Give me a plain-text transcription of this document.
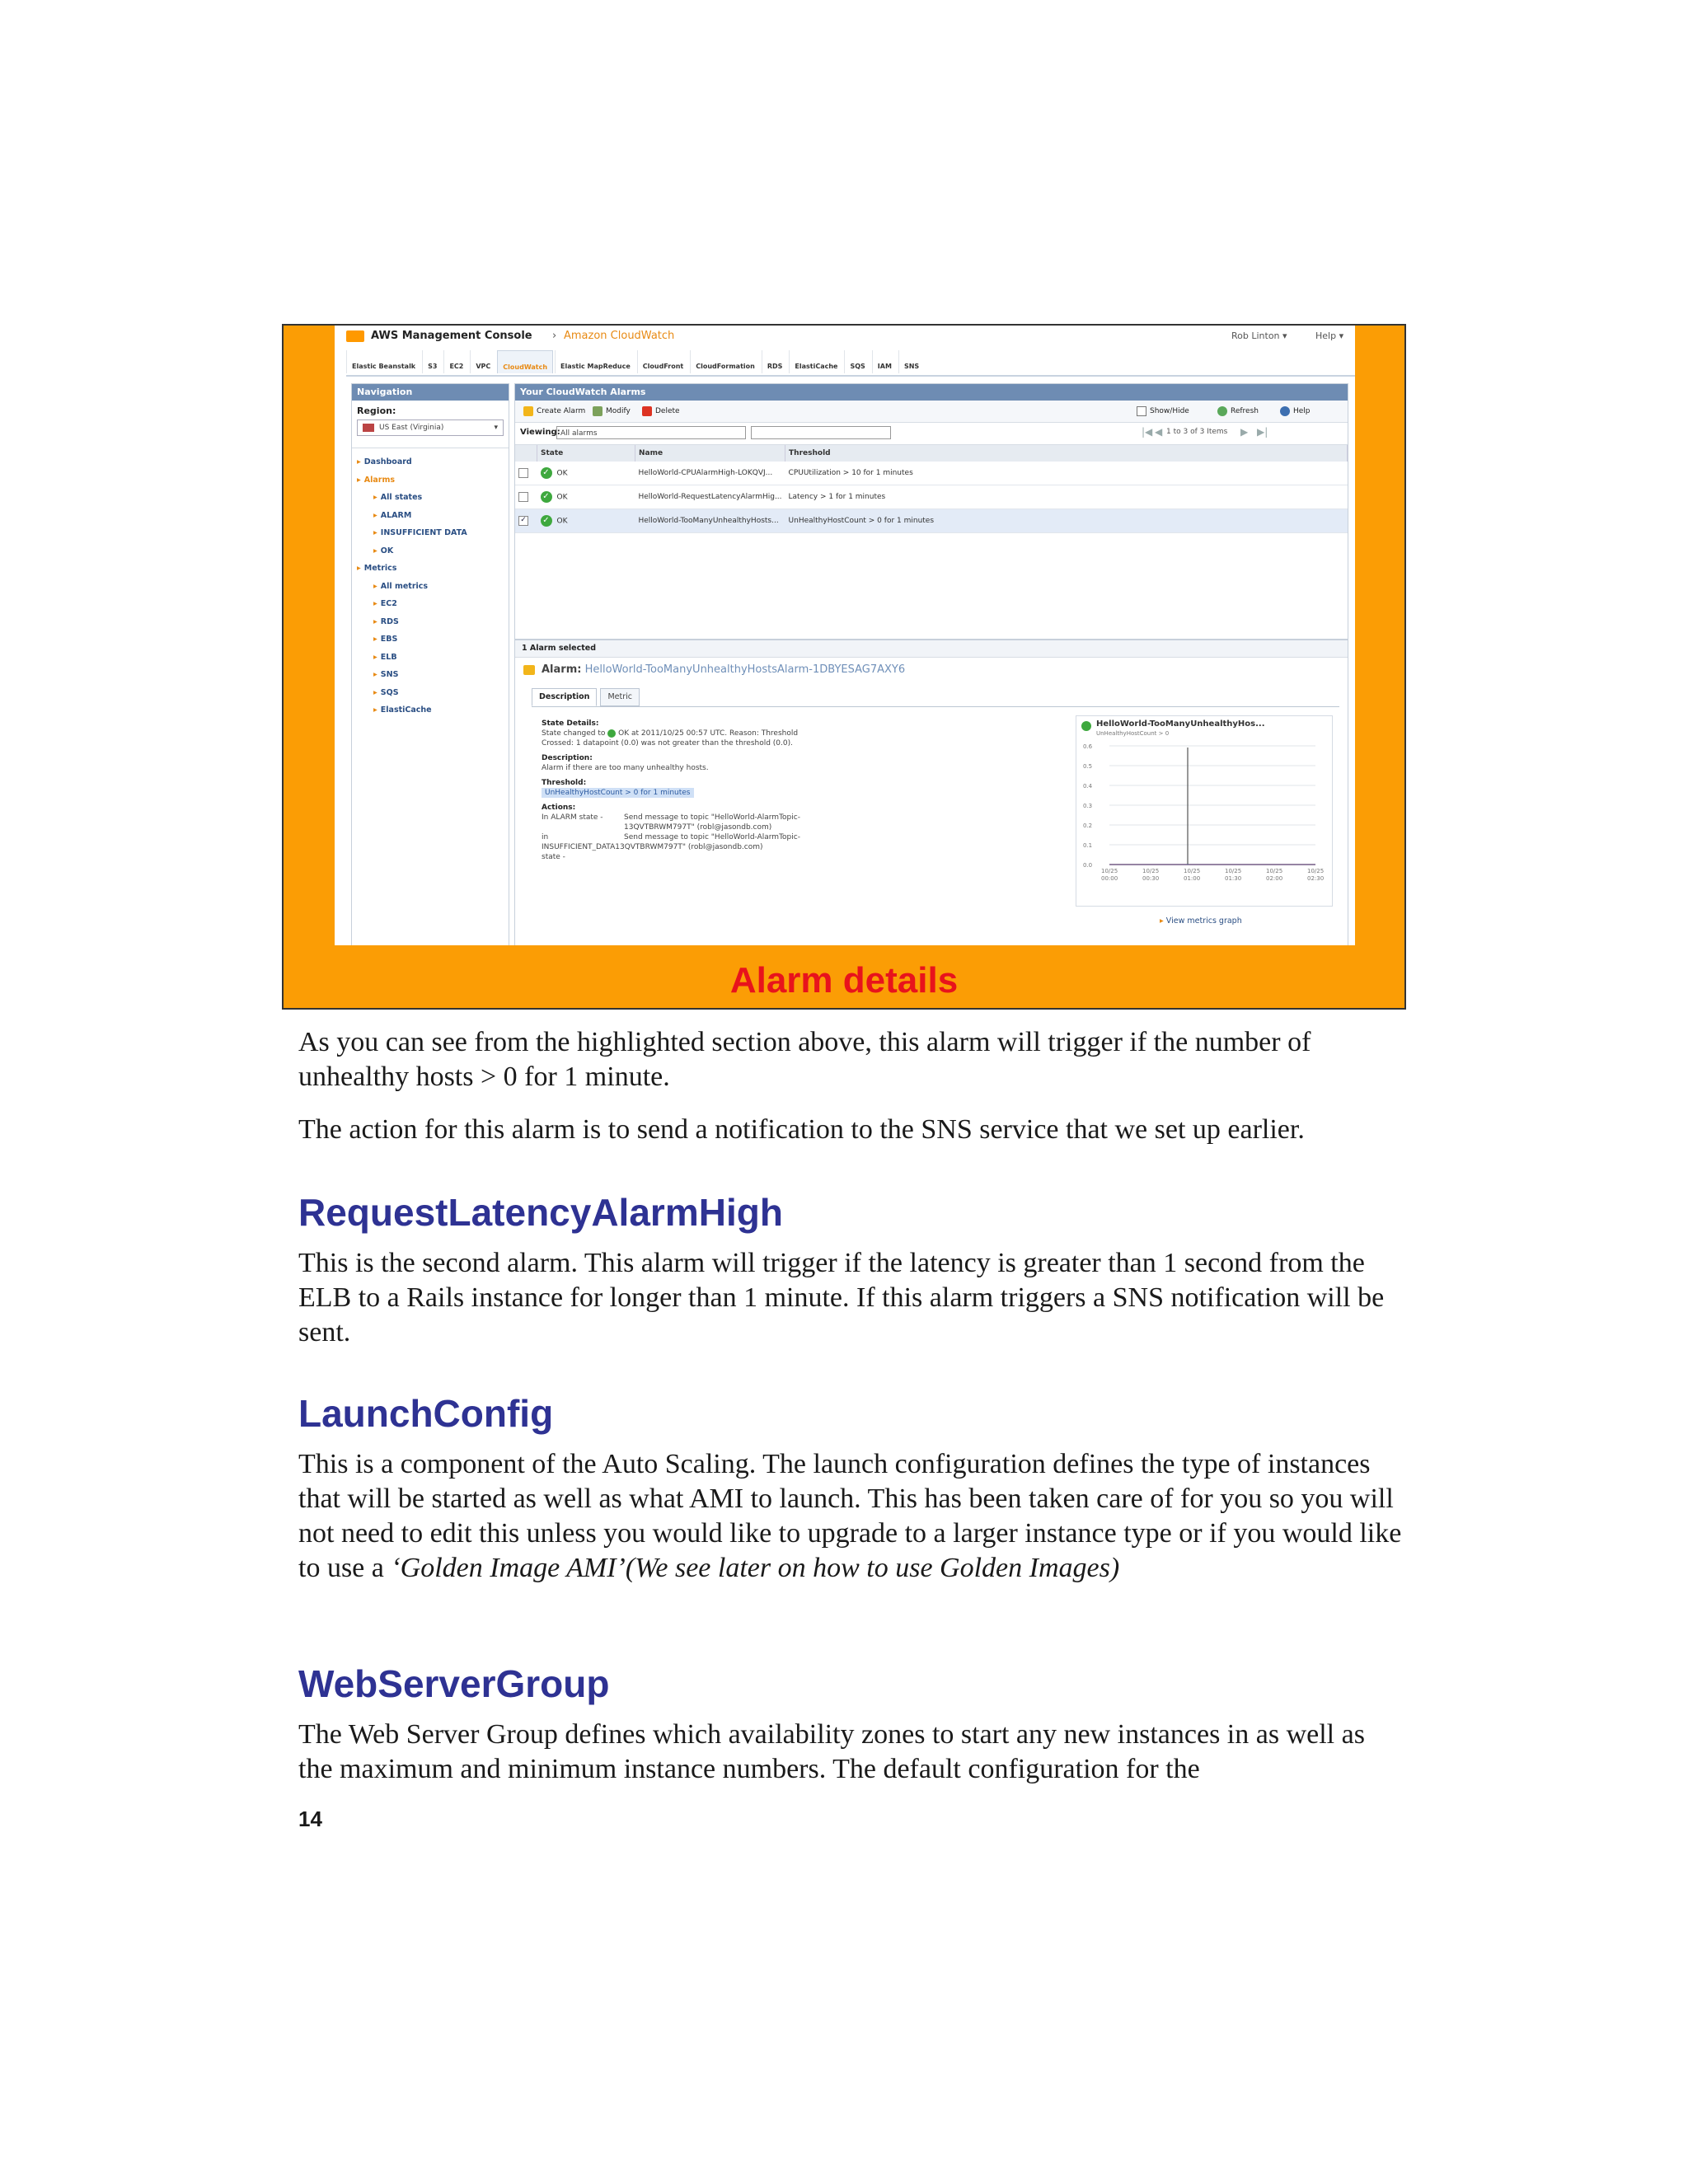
AWS Management Console › Amazon CloudWatch	Rob Linton ▾	Help ▾
Elastic Beanstalk	S3	EC2	VPC	CloudWatch	Elastic MapReduce	CloudFront	CloudFormation	RDS	ElastiCache	SQS	IAM	SNS
Navigation
Region:
US East (Virginia)	▾
▸ Dashboard
▸ Alarms
▸ All states
▸ ALARM
▸ INSUFFICIENT DATA
▸ OK
▸ Metrics
▸ All metrics
▸ EC2
▸ RDS
▸ EBS
▸ ELB
▸ SNS
▸ SQS
▸ ElastiCache
Your CloudWatch Alarms
Create Alarm	Modify	Delete	Show/Hide	Refresh	Help
Viewing: All alarms	|◀ ◀ 1 to 3 of 3 Items ▶ ▶|
	State	Name	Threshold
	✓ OK	HelloWorld-CPUAlarmHigh-LOKQVJ...	CPUUtilization > 10 for 1 minutes
	✓ OK	HelloWorld-RequestLatencyAlarmHig...	Latency > 1 for 1 minutes
✓	✓ OK	HelloWorld-TooManyUnhealthyHosts...	UnHealthyHostCount > 0 for 1 minutes
1 Alarm selected
Alarm: HelloWorld-TooManyUnhealthyHostsAlarm-1DBYESAG7AXY6
Description	Metric
State Details:
State changed to OK at 2011/10/25 00:57 UTC. Reason: Threshold
Crossed: 1 datapoint (0.0) was not greater than the threshold (0.0).
Description:
Alarm if there are too many unhealthy hosts.
Threshold:
UnHealthyHostCount > 0 for 1 minutes
Actions:
In ALARM state -	Send message to topic "HelloWorld-AlarmTopic-
13QVTBRWM797T" (robl@jasondb.com)
in	Send message to topic "HelloWorld-AlarmTopic-
INSUFFICIENT_DATA13QVTBRWM797T" (robl@jasondb.com)
state -
HelloWorld-TooManyUnhealthyHos...
UnHealthyHostCount > 0
0.6
0.5
0.4
0.3
0.2
0.1
0.0
10/25
00:00
10/25
00:30
10/25
01:00
10/25
01:30
10/25
02:00
10/25
02:30
▸ View metrics graph
Alarm details

As you can see from the highlighted section above, this alarm will trigger if the number of unhealthy hosts > 0 for 1 minute.

The action for this alarm is to send a notification to the SNS service that we set up earlier.

RequestLatencyAlarmHigh

This is the second alarm. This alarm will trigger if the latency is greater than 1 second from the ELB to a Rails instance for longer than 1 minute. If this alarm triggers a SNS notification will be sent.

LaunchConfig

This is a component of the Auto Scaling. The launch configuration defines the type of instances that will be started as well as what AMI to launch. This has been taken care of for you so you will not need to edit this unless you would like to upgrade to a larger instance type or if you would like to use a ‘Golden Image AMI’(We see later on how to use Golden Images)

WebServerGroup

The Web Server Group defines which availability zones to start any new instances in as well as the maximum and minimum instance numbers. The default configuration for the

14
